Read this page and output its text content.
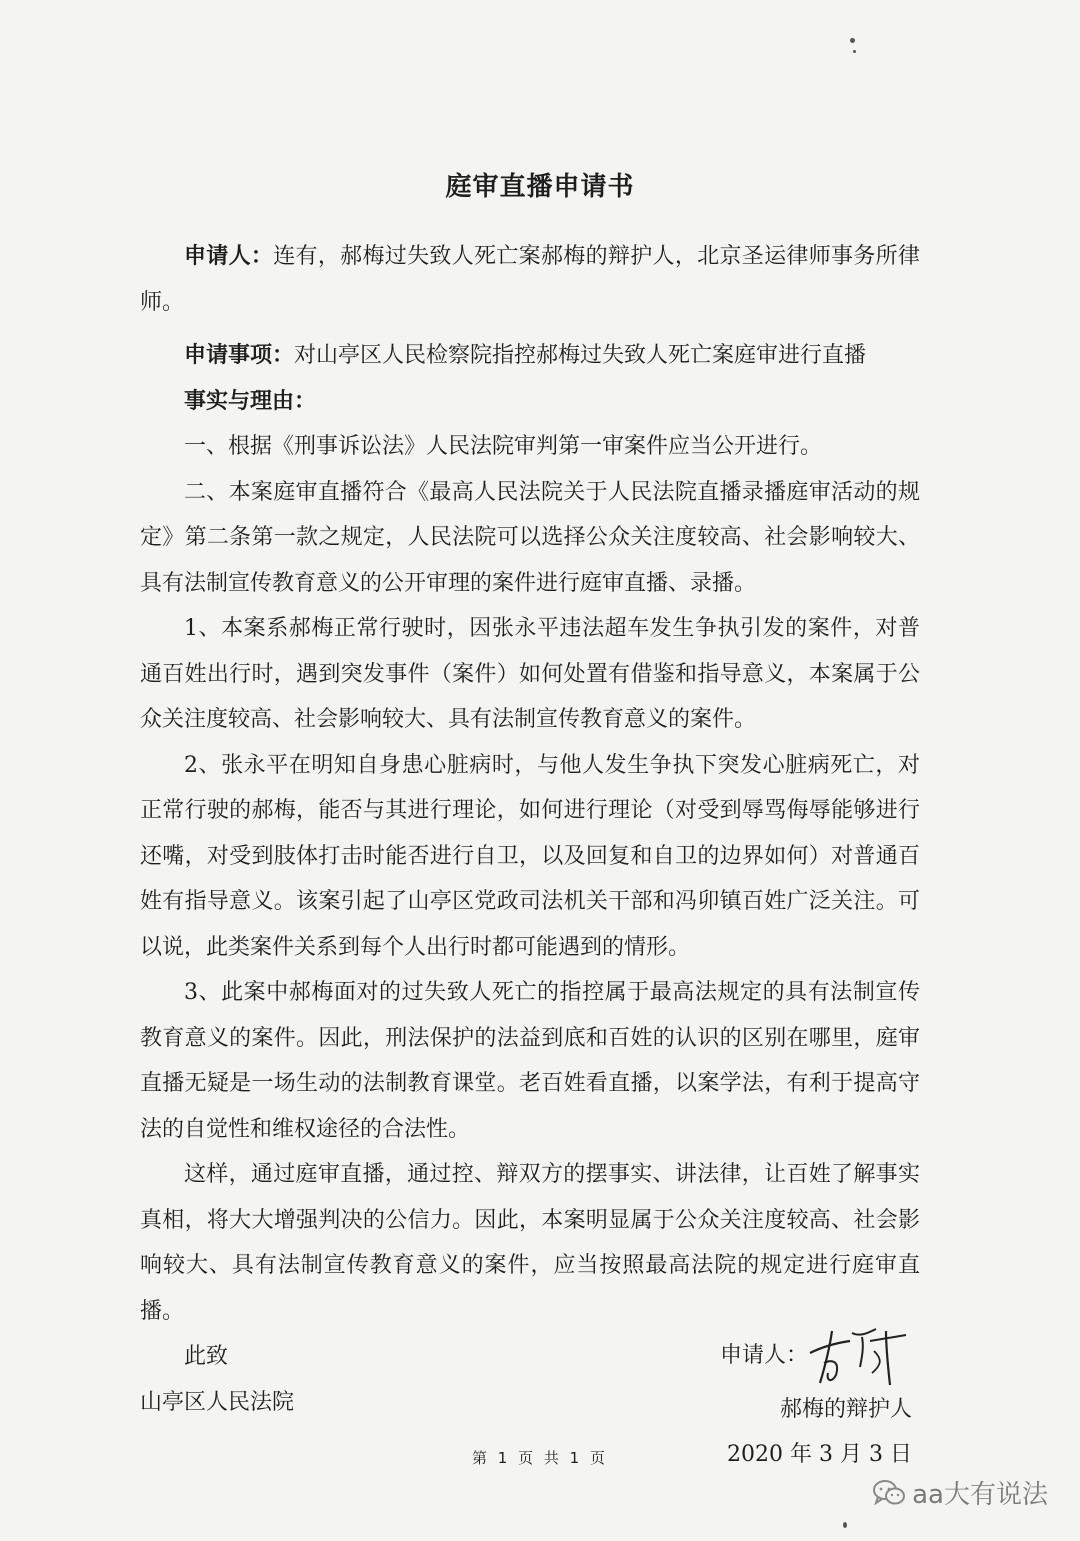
庭审直播申请书

申请人：连有，郝梅过失致人死亡案郝梅的辩护人，北京圣运律师事务所律师。

申请事项：对山亭区人民检察院指控郝梅过失致人死亡案庭审进行直播

事实与理由：

一、根据《刑事诉讼法》人民法院审判第一审案件应当公开进行。

二、本案庭审直播符合《最高人民法院关于人民法院直播录播庭审活动的规定》第二条第一款之规定，人民法院可以选择公众关注度较高、社会影响较大、具有法制宣传教育意义的公开审理的案件进行庭审直播、录播。

1、本案系郝梅正常行驶时，因张永平违法超车发生争执引发的案件，对普通百姓出行时，遇到突发事件（案件）如何处置有借鉴和指导意义，本案属于公众关注度较高、社会影响较大、具有法制宣传教育意义的案件。

2、张永平在明知自身患心脏病时，与他人发生争执下突发心脏病死亡，对正常行驶的郝梅，能否与其进行理论，如何进行理论（对受到辱骂侮辱能够进行还嘴，对受到肢体打击时能否进行自卫，以及回复和自卫的边界如何）对普通百姓有指导意义。该案引起了山亭区党政司法机关干部和冯卯镇百姓广泛关注。可以说，此类案件关系到每个人出行时都可能遇到的情形。

3、此案中郝梅面对的过失致人死亡的指控属于最高法规定的具有法制宣传教育意义的案件。因此，刑法保护的法益到底和百姓的认识的区别在哪里，庭审直播无疑是一场生动的法制教育课堂。老百姓看直播，以案学法，有利于提高守法的自觉性和维权途径的合法性。

这样，通过庭审直播，通过控、辩双方的摆事实、讲法律，让百姓了解事实真相，将大大增强判决的公信力。因此，本案明显属于公众关注度较高、社会影响较大、具有法制宣传教育意义的案件，应当按照最高法院的规定进行庭审直播。

此致

山亭区人民法院

申请人：
郝梅的辩护人
2020 年 3 月 3 日
第 1 页 共 1 页
aa大有说法
